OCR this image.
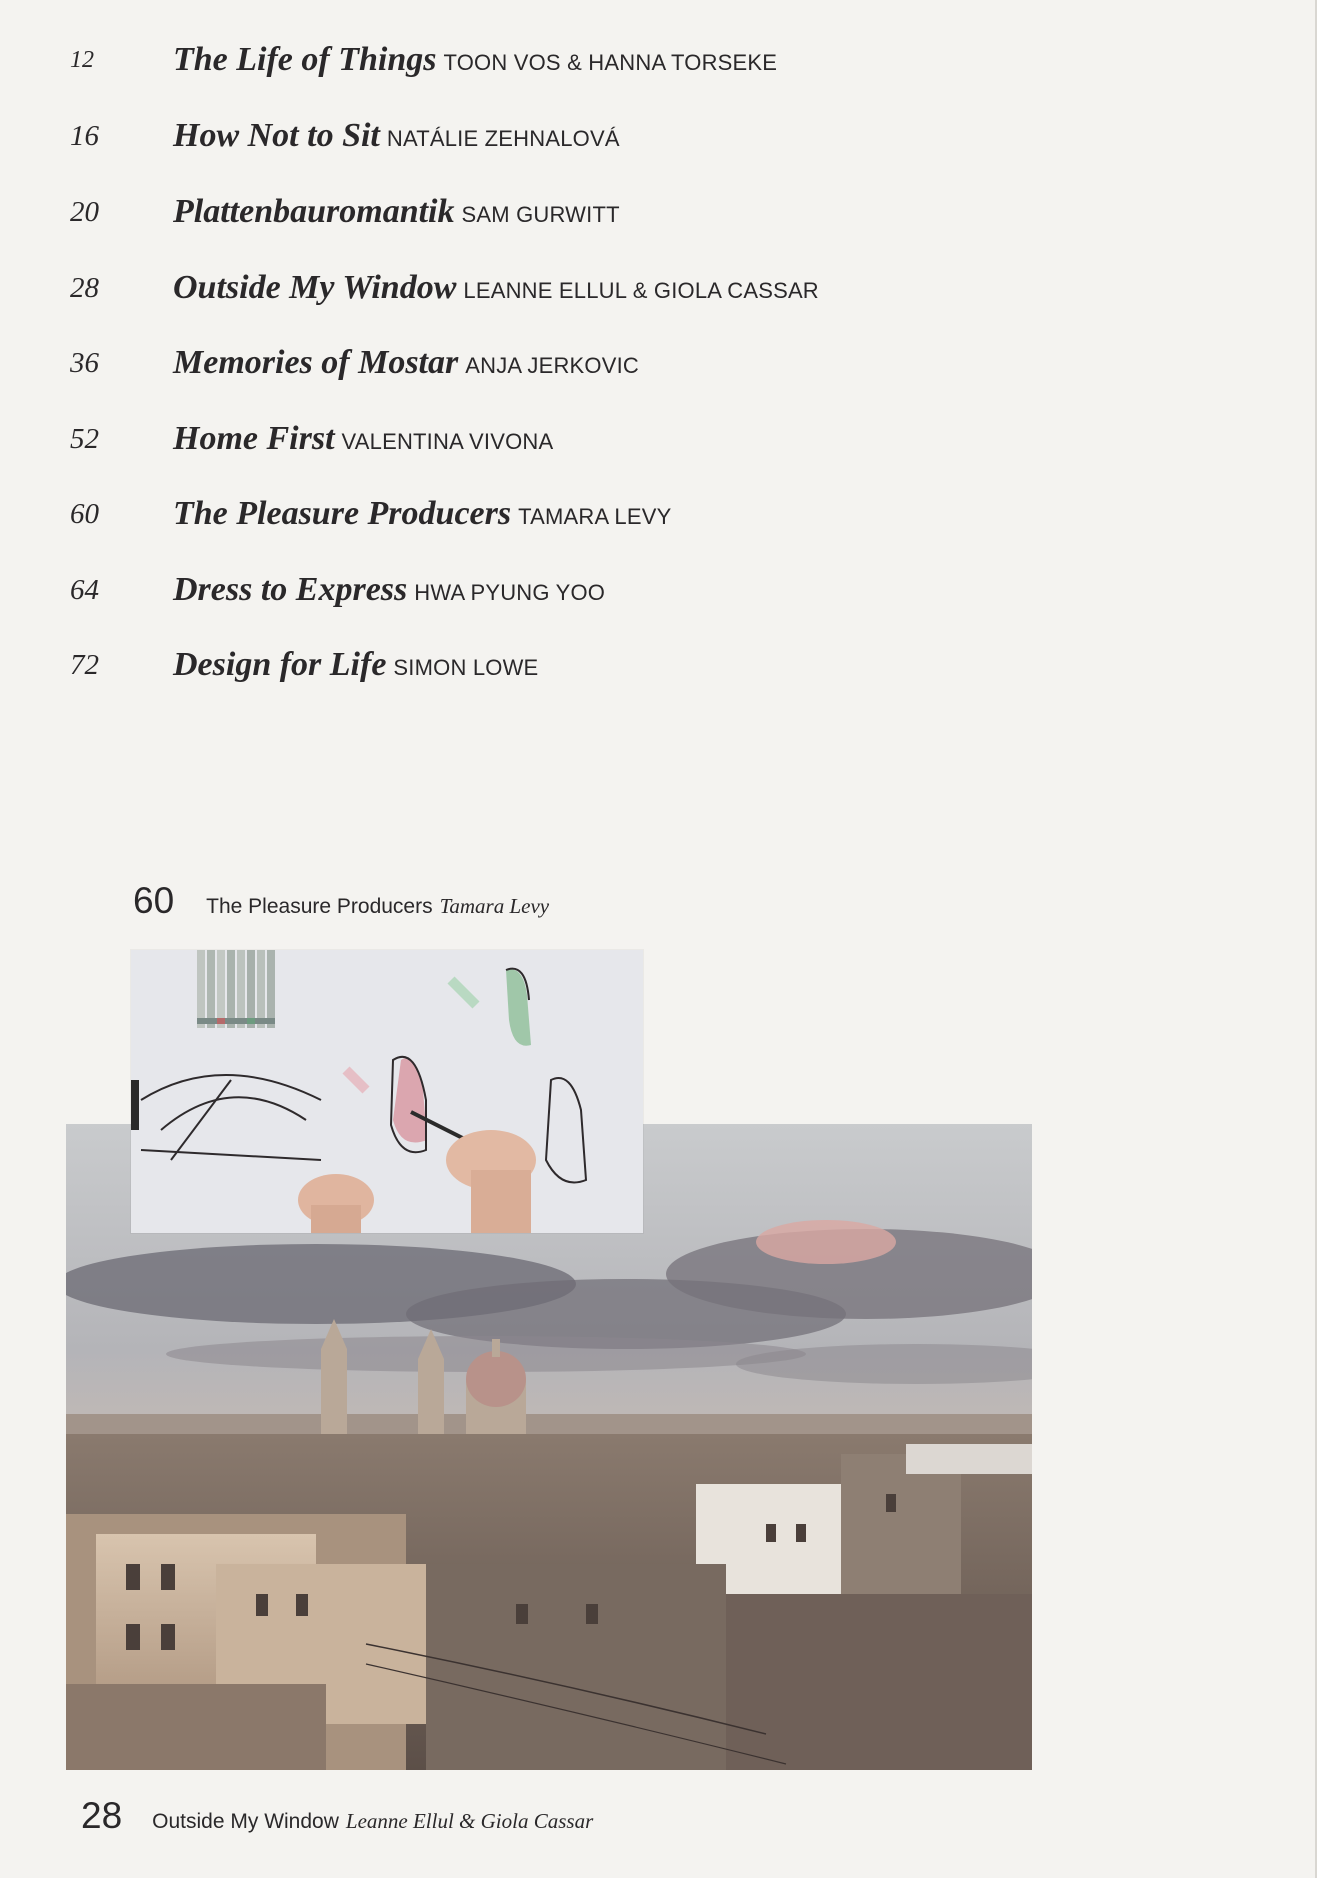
12 The Life of Things TOON VOS & HANNA TORSEKE
16 How Not to Sit NATÁLIE ZEHNALOVÁ
20 Plattenbauromantik SAM GURWITT
28 Outside My Window LEANNE ELLUL & GIOLA CASSAR
36 Memories of Mostar ANJA JERKOVIC
52 Home First VALENTINA VIVONA
60 The Pleasure Producers TAMARA LEVY
64 Dress to Express HWA PYUNG YOO
72 Design for Life SIMON LOWE
60 The Pleasure Producers Tamara Levy
28 Outside My Window Leanne Ellul & Giola Cassar
